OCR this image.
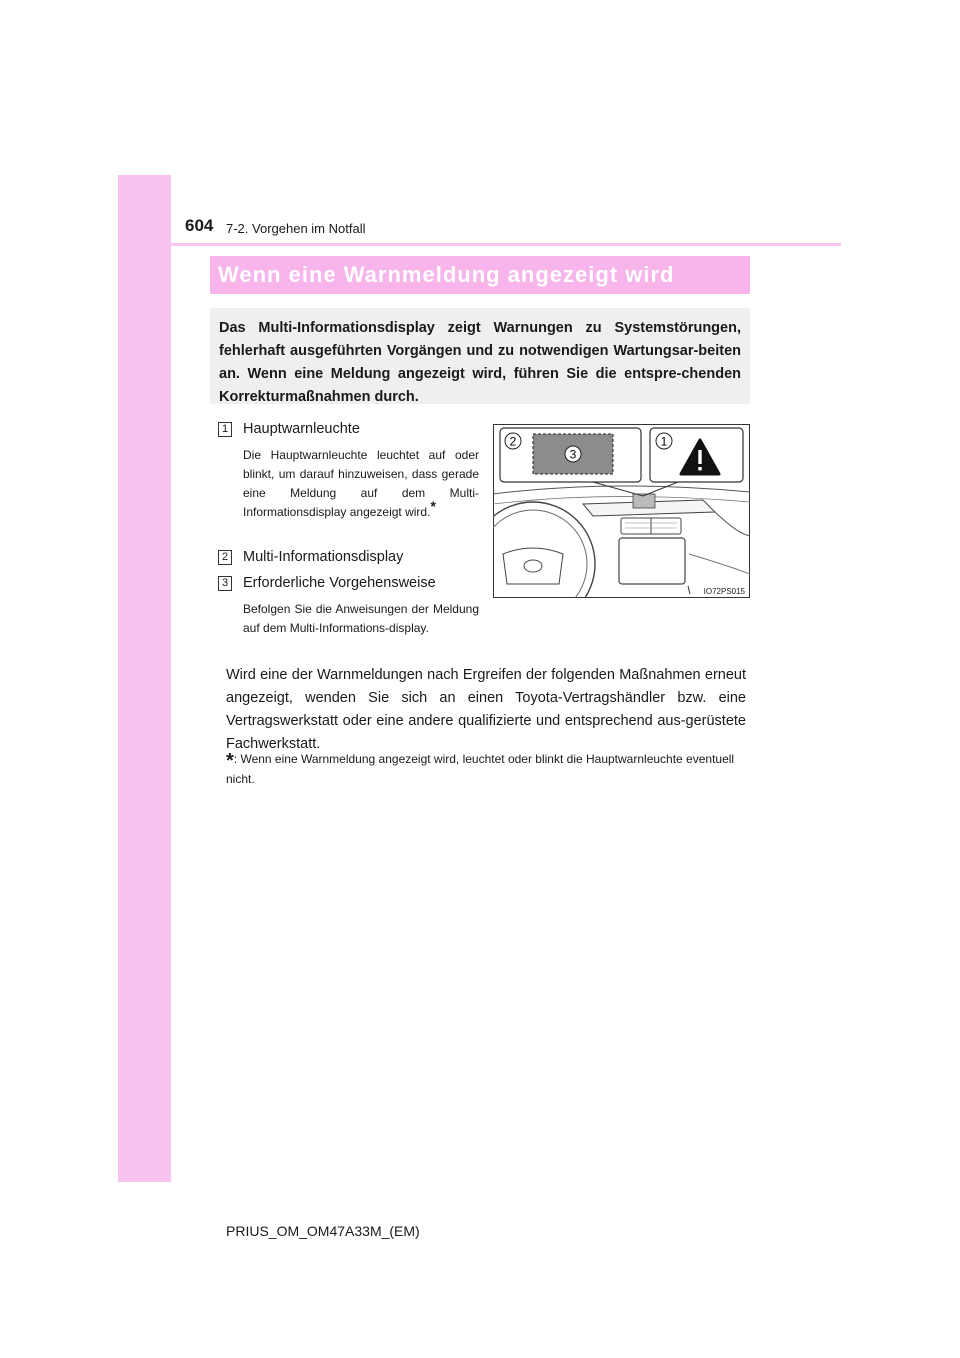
604 7-2. Vorgehen im Notfall
Wenn eine Warnmeldung angezeigt wird

Das Multi-Informationsdisplay zeigt Warnungen zu Systemstörungen, fehlerhaft ausgeführten Vorgängen und zu notwendigen Wartungsar-beiten an. Wenn eine Meldung angezeigt wird, führen Sie die entspre-chenden Korrekturmaßnahmen durch.

1 Hauptwarnleuchte

Die Hauptwarnleuchte leuchtet auf oder blinkt, um darauf hinzuweisen, dass gerade eine Meldung auf dem Multi-Informationsdisplay angezeigt wird.*

2 Multi-Informationsdisplay
3 Erforderliche Vorgehensweise

Befolgen Sie die Anweisungen der Meldung auf dem Multi-Informations-display.

3
2	1
IO72PS015

Wird eine der Warnmeldungen nach Ergreifen der folgenden Maßnahmen erneut angezeigt, wenden Sie sich an einen Toyota-Vertragshändler bzw. eine Vertragswerkstatt oder eine andere qualifizierte und entsprechend aus-gerüstete Fachwerkstatt.

*: Wenn eine Warnmeldung angezeigt wird, leuchtet oder blinkt die Hauptwarnleuchte eventuell nicht.
PRIUS_OM_OM47A33M_(EM)
